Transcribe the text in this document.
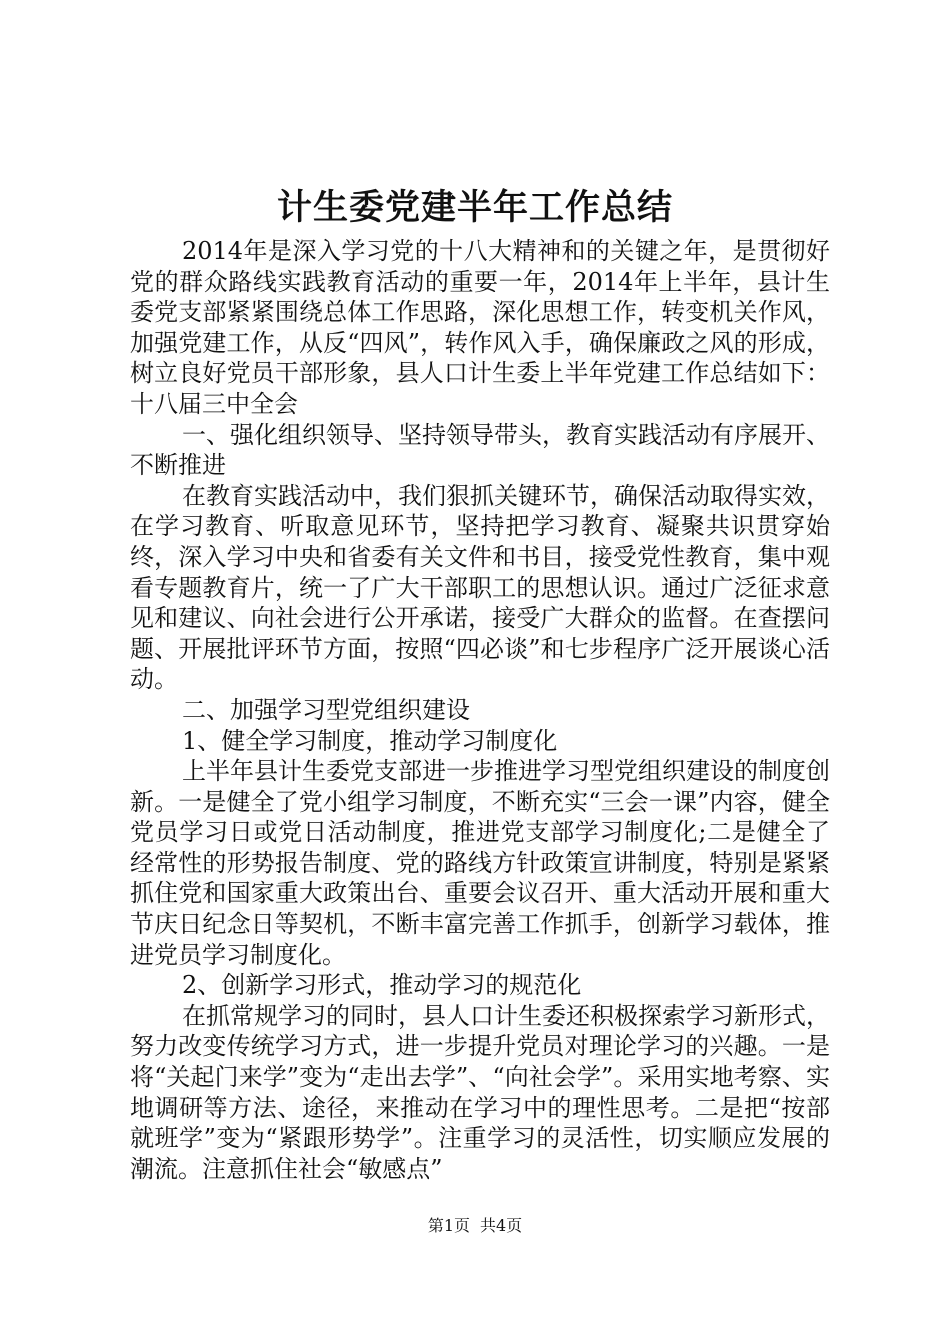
计生委党建半年工作总结

2014年是深入学习党的十八大精神和的关键之年，是贯彻好党的群众路线实践教育活动的重要一年，2014年上半年，县计生委党支部紧紧围绕总体工作思路，深化思想工作，转变机关作风，加强党建工作，从反“四风”，转作风入手，确保廉政之风的形成，树立良好党员干部形象，县人口计生委上半年党建工作总结如下：十八届三中全会

一、强化组织领导、坚持领导带头，教育实践活动有序展开、不断推进

在教育实践活动中，我们狠抓关键环节，确保活动取得实效，在学习教育、听取意见环节，坚持把学习教育、凝聚共识贯穿始终，深入学习中央和省委有关文件和书目，接受党性教育，集中观看专题教育片，统一了广大干部职工的思想认识。通过广泛征求意见和建议、向社会进行公开承诺，接受广大群众的监督。在查摆问题、开展批评环节方面，按照“四必谈”和七步程序广泛开展谈心活动。

二、加强学习型党组织建设

1、健全学习制度，推动学习制度化

上半年县计生委党支部进一步推进学习型党组织建设的制度创新。一是健全了党小组学习制度，不断充实“三会一课”内容，健全党员学习日或党日活动制度，推进党支部学习制度化;二是健全了经常性的形势报告制度、党的路线方针政策宣讲制度，特别是紧紧抓住党和国家重大政策出台、重要会议召开、重大活动开展和重大节庆日纪念日等契机，不断丰富完善工作抓手，创新学习载体，推进党员学习制度化。

2、创新学习形式，推动学习的规范化

在抓常规学习的同时，县人口计生委还积极探索学习新形式，努力改变传统学习方式，进一步提升党员对理论学习的兴趣。一是将“关起门来学”变为“走出去学”、“向社会学”。采用实地考察、实地调研等方法、途径，来推动在学习中的理性思考。二是把“按部就班学”变为“紧跟形势学”。注重学习的灵活性，切实顺应发展的潮流。注意抓住社会“敏感点”

第1页 共4页
